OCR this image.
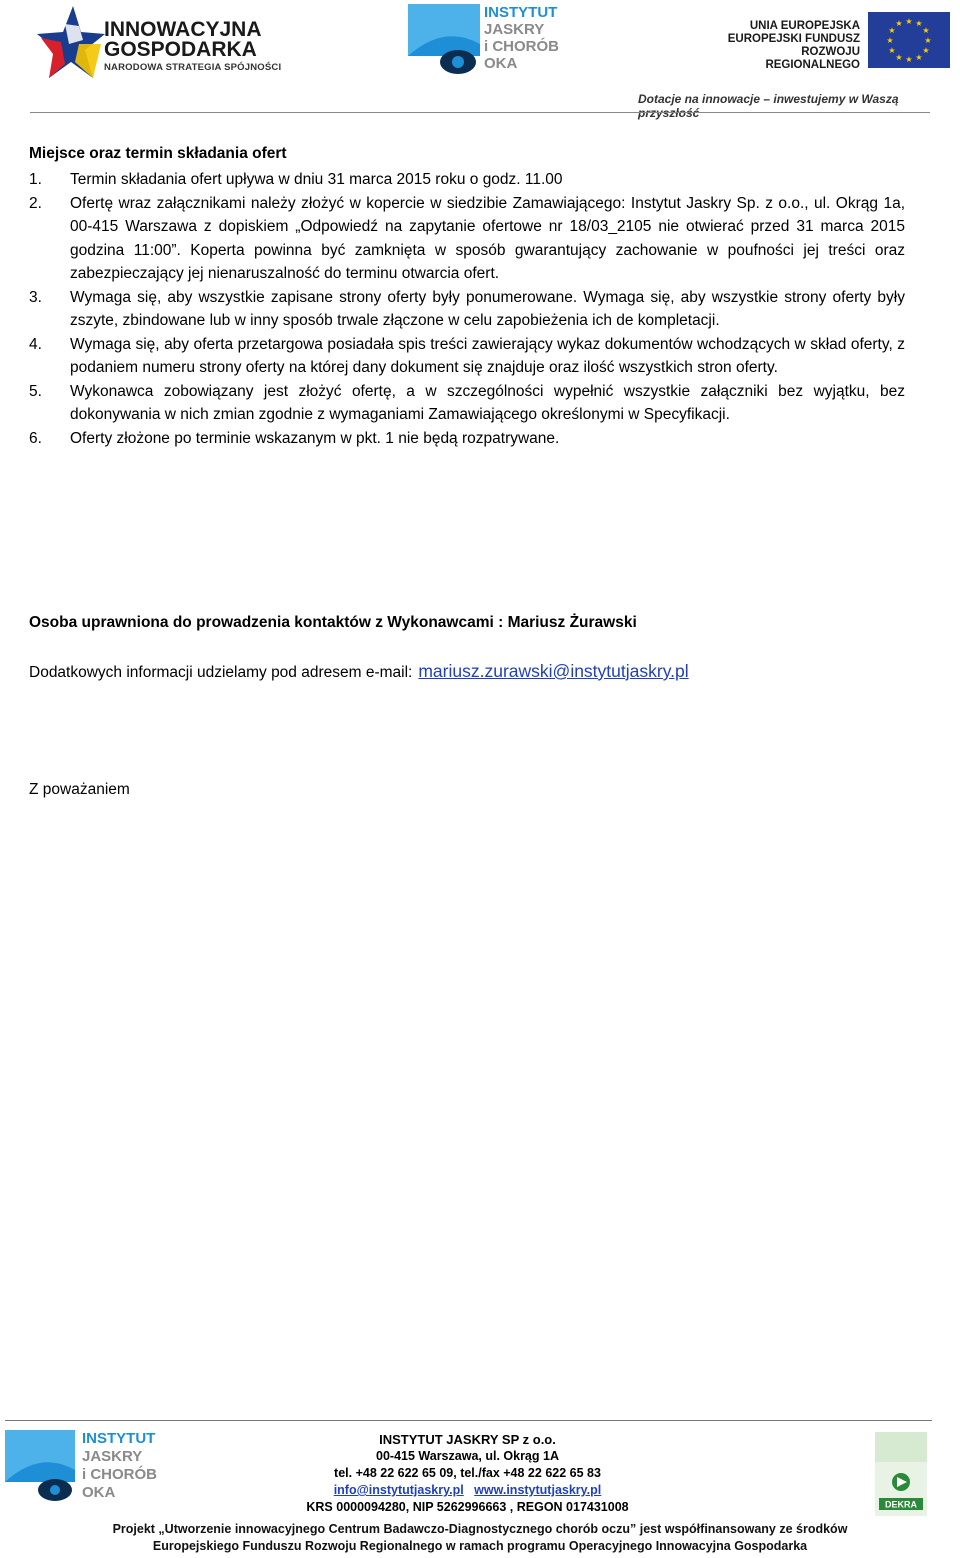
INNOWACYJNA
GOSPODARKA
NARODOWA STRATEGIA SPÓJNOŚCI
INSTYTUT
JASKRY
i CHORÓB
OKA
UNIA EUROPEJSKA
EUROPEJSKI FUNDUSZ
ROZWOJU REGIONALNEGO
★ ★
★
★
★
★
★
★
★
★
★
★
Dotacje na innowacje – inwestujemy w Waszą przyszłość
Miejsce oraz termin składania ofert
1. Termin składania ofert upływa w dniu 31 marca 2015 roku o godz. 11.00
2. Ofertę wraz załącznikami należy złożyć w kopercie w siedzibie Zamawiającego: Instytut Jaskry Sp. z o.o., ul. Okrąg 1a, 00-415 Warszawa z dopiskiem „Odpowiedź na zapytanie ofertowe nr 18/03_2105 nie otwierać przed 31 marca 2015 godzina 11:00”. Koperta powinna być zamknięta w sposób gwarantujący zachowanie w poufności jej treści oraz zabezpieczający jej nienaruszalność do terminu otwarcia ofert.
3. Wymaga się, aby wszystkie zapisane strony oferty były ponumerowane. Wymaga się, aby wszystkie strony oferty były zszyte, zbindowane lub w inny sposób trwale złączone w celu zapobieżenia ich de kompletacji.
4. Wymaga się, aby oferta przetargowa posiadała spis treści zawierający wykaz dokumentów wchodzących w skład oferty, z podaniem numeru strony oferty na której dany dokument się znajduje oraz ilość wszystkich stron oferty.
5. Wykonawca zobowiązany jest złożyć ofertę, a w szczególności wypełnić wszystkie załączniki bez wyjątku, bez dokonywania w nich zmian zgodnie z wymaganiami Zamawiającego określonymi w Specyfikacji.
6. Oferty złożone po terminie wskazanym w pkt. 1 nie będą rozpatrywane.
Osoba uprawniona do prowadzenia kontaktów z Wykonawcami : Mariusz Żurawski
Dodatkowych informacji udzielamy pod adresem e-mail: mariusz.zurawski@instytutjaskry.pl
Z poważaniem
INSTYTUT
JASKRY
i CHORÓB
OKA
INSTYTUT JASKRY SP z o.o.
00-415 Warszawa, ul. Okrąg 1A
tel. +48 22 622 65 09, tel./fax +48 22 622 65 83
info@instytutjaskry.pl www.instytutjaskry.pl
KRS 0000094280, NIP 5262996663 , REGON 017431008	DEKRA
Projekt „Utworzenie innowacyjnego Centrum Badawczo-Diagnostycznego chorób oczu” jest współfinansowany ze środków
Europejskiego Funduszu Rozwoju Regionalnego w ramach programu Operacyjnego Innowacyjna Gospodarka
